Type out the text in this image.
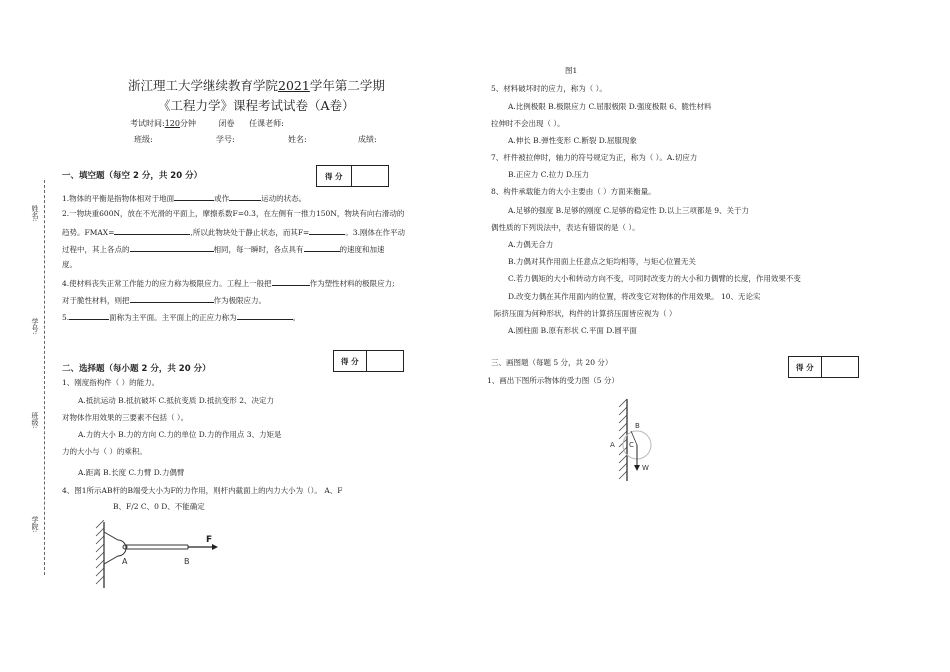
姓名:
学号:
班级:
学院:
浙江理工大学继续教育学院2021学年第二学期
《工程力学》课程考试试卷（A卷）
考试时间:120分钟	闭卷 任课老师:
班级:	学号:	姓名:	成绩:
一、填空题（每空 2 分，共 20 分）	得 分
1.物体的平衡是指物体相对于地面	或作	运动的状态。
2.一物块重600N，放在不光滑的平面上，摩擦系数F=0.3，在左侧有一推力150N，物块有向右滑动的
趋势。FMAX=	,所以此物块处于静止状态，而其F=	。3.刚体在作平动
过程中，其上各点的	相同，每一瞬时，各点具有	的速度和加速
度。
4.使材料丧失正常工作能力的应力称为极限应力。工程上一般把	作为塑性材料的极限应力;
对于脆性材料，则把	作为极限应力。
5.	面称为主平面。主平面上的正应力称为	。
二、选择题（每小题 2 分，共 20 分）
得 分
1、刚度指构件（ ）的能力。
A.抵抗运动 B.抵抗破坏 C.抵抗变质 D.抵抗变形 2、决定力
对物体作用效果的三要素不包括（ ）。
A.力的大小 B.力的方向 C.力的单位 D.力的作用点 3、力矩是
力的大小与（ ）的乘积。
A.距离 B.长度 C.力臂 D.力偶臂
4、图1所示AB杆的B端受大小为F的力作用，则杆内截面上的内力大小为（）。 A、F
B、F/2 C、0 D、不能确定
A	B
F
图1
5、材料破坏时的应力，称为（ ）。
A.比例极限 B.极限应力 C.屈服极限 D.强度极限 6、脆性材料
拉伸时不会出现（ ）。
A.伸长 B.弹性变形 C.断裂 D.屈服现象
7、杆件被拉伸时，轴力的符号规定为正，称为（ ）。A.切应力
B.正应力 C.拉力 D.压力
8、构件承载能力的大小主要由（ ）方面来衡量。
A.足够的强度 B.足够的刚度 C.足够的稳定性 D.以上三项都是 9、关于力
偶性质的下列说法中，表达有错误的是（ ）。
A.力偶无合力
B.力偶对其作用面上任意点之矩均相等，与矩心位置无关
C.若力偶矩的大小和转动方向不变，可同时改变力的大小和力偶臂的长度，作用效果不变
D.改变力偶在其作用面内的位置，将改变它对物体的作用效果。 10、无论实
际挤压面为何种形状，构件的计算挤压面皆应视为（ ）
A.圆柱面 B.原有形状 C.平面 D.圆平面
三、画图题（每题 5 分，共 20 分）	得 分
1、画出下图所示物体的受力图（5 分）
A
B
C
W
